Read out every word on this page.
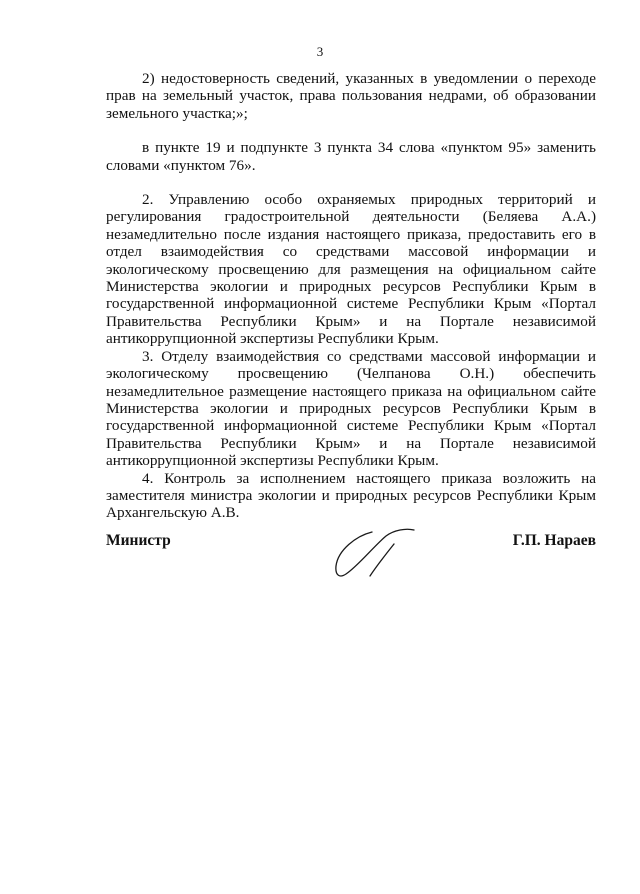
3

2) недостоверность сведений, указанных в уведомлении о переходе прав на земельный участок, права пользования недрами, об образовании земельного участка;»;

в пункте 19 и подпункте 3 пункта 34 слова «пунктом 95» заменить словами «пунктом 76».

2. Управлению особо охраняемых природных территорий и регулирования градостроительной деятельности (Беляева А.А.) незамедлительно после издания настоящего приказа, предоставить его в отдел взаимодействия со средствами массовой информации и экологическому просвещению для размещения на официальном сайте Министерства экологии и природных ресурсов Республики Крым в государственной информационной системе Республики Крым «Портал Правительства Республики Крым» и на Портале независимой антикоррупционной экспертизы Республики Крым.

3. Отделу взаимодействия со средствами массовой информации и экологическому просвещению (Челпанова О.Н.) обеспечить незамедлительное размещение настоящего приказа на официальном сайте Министерства экологии и природных ресурсов Республики Крым в государственной информационной системе Республики Крым «Портал Правительства Республики Крым» и на Портале независимой антикоррупционной экспертизы Республики Крым.

4. Контроль за исполнением настоящего приказа возложить на заместителя министра экологии и природных ресурсов Республики Крым Архангельскую А.В.

Министр	Г.П. Нараев
